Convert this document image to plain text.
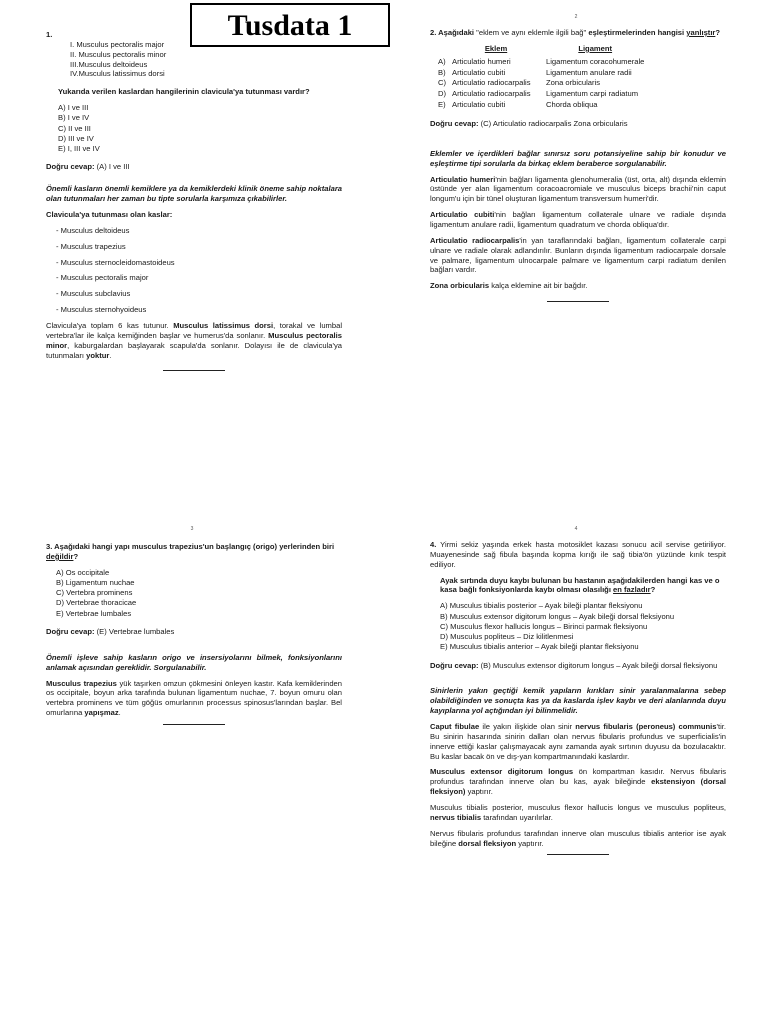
Tusdata 1
1.
I. Musculus pectoralis major
II. Musculus pectoralis minor
III.Musculus deltoideus
IV.Musculus latissimus dorsi

Yukarıda verilen kaslardan hangilerinin clavicula'ya tutunması vardır?

A) I ve III
B) I ve IV
C) II ve III
D) III ve IV
E) I, III ve IV

Doğru cevap: (A) I ve III

Önemli kasların önemli kemiklere ya da kemiklerdeki klinik öneme sahip noktalara olan tutunmaları her zaman bu tipte sorularla karşımıza çıkabilirler.

Clavicula'ya tutunması olan kaslar:

- Musculus deltoideus
- Musculus trapezius
- Musculus sternocleidomastoideus
- Musculus pectoralis major
- Musculus subclavius
- Musculus sternohyoideus

Clavicula'ya toplam 6 kas tutunur. Musculus latissimus dorsi, torakal ve lumbal vertebra'lar ile kalça kemiğinden başlar ve humerus'da sonlanır. Musculus pectoralis minor, kaburgalardan başlayarak scapula'da sonlanır. Dolayısı ile de clavicula'ya tutunmaları yoktur.

2

2. Aşağıdaki "eklem ve aynı eklemle ilgili bağ" eşleştirmelerinden hangisi yanlıştır?

	Eklem	Ligament
A)	Articulatio humeri	Ligamentum coracohumerale
B)	Articulatio cubiti	Ligamentum anulare radii
C)	Articulatio radiocarpalis	Zona orbicularis
D)	Articulatio radiocarpalis	Ligamentum carpi radiatum
E)	Articulatio cubiti	Chorda obliqua

Doğru cevap: (C) Articulatio radiocarpalis Zona orbicularis

Eklemler ve içerdikleri bağlar sınırsız soru potansiyeline sahip bir konudur ve eşleştirme tipi sorularla da birkaç eklem beraberce sorgulanabilir.

Articulatio humeri'nin bağları ligamenta glenohumeralia (üst, orta, alt) dışında eklemin üstünde yer alan ligamentum coracoacromiale ve musculus biceps brachii'nin caput longum'u için bir tünel oluşturan ligamentum transversum humeri'dir.

Articulatio cubiti'nin bağları ligamentum collaterale ulnare ve radiale dışında ligamentum anulare radii, ligamentum quadratum ve chorda obliqua'dır.

Articulatio radiocarpalis'in yan taraflarındaki bağları, ligamentum collaterale carpi ulnare ve radiale olarak adlandırılır. Bunların dışında ligamentum radiocarpale dorsale ve palmare, ligamentum ulnocarpale palmare ve ligamentum carpi radiatum denilen bağları vardır.

Zona orbicularis kalça eklemine ait bir bağdır.

3

3. Aşağıdaki hangi yapı musculus trapezius'un başlangıç (origo) yerlerinden biri değildir?

A) Os occipitale
B) Ligamentum nuchae
C) Vertebra prominens
D) Vertebrae thoracicae
E) Vertebrae lumbales

Doğru cevap: (E) Vertebrae lumbales

Önemli işleve sahip kasların origo ve insersiyolarını bilmek, fonksiyonlarını anlamak açısından gereklidir. Sorgulanabilir.

Musculus trapezius yük taşırken omzun çökmesini önleyen kastır. Kafa kemiklerinden os occipitale, boyun arka tarafında bulunan ligamentum nuchae, 7. boyun omuru olan vertebra prominens ve tüm göğüs omurlarının processus spinosus'larından başlar. Bel omurlarına yapışmaz.

4

4. Yirmi sekiz yaşında erkek hasta motosiklet kazası sonucu acil servise getiriliyor. Muayenesinde sağ fibula başında kopma kırığı ile sağ tibia'ön yüzünde kırık tespit ediliyor.

Ayak sırtında duyu kaybı bulunan bu hastanın aşağıdakilerden hangi kas ve o kasa bağlı fonksiyonlarda kaybı olması olasılığı en fazladır?

A) Musculus tibialis posterior – Ayak bileği plantar fleksiyonu
B) Musculus extensor digitorum longus – Ayak bileği dorsal fleksiyonu
C) Musculus flexor hallucis longus – Birinci parmak fleksiyonu
D) Musculus popliteus – Diz kilitlenmesi
E) Musculus tibialis anterior – Ayak bileği plantar fleksiyonu

Doğru cevap: (B) Musculus extensor digitorum longus – Ayak bileği dorsal fleksiyonu

Sinirlerin yakın geçtiği kemik yapıların kırıkları sinir yaralanmalarına sebep olabildiğinden ve sonuçta kas ya da kaslarda işlev kaybı ve deri alanlarında duyu kayıplarına yol açtığından iyi bilinmelidir.

Caput fibulae ile yakın ilişkide olan sinir nervus fibularis (peroneus) communis'tir. Bu sinirin hasarında sinirin dalları olan nervus fibularis profundus ve superficialis'in innerve ettiği kaslar çalışmayacak aynı zamanda ayak sırtının duyusu da bozulacaktır. Bu kaslar bacak ön ve dış-yan kompartmanındaki kaslardır.

Musculus extensor digitorum longus ön kompartman kasıdır. Nervus fibularis profundus tarafından innerve olan bu kas, ayak bileğinde ekstensiyon (dorsal fleksiyon) yaptırır.

Musculus tibialis posterior, musculus flexor hallucis longus ve musculus popliteus, nervus tibialis tarafından uyarılırlar.

Nervus fibularis profundus tarafından innerve olan musculus tibialis anterior ise ayak bileğine dorsal fleksiyon yaptırır.
